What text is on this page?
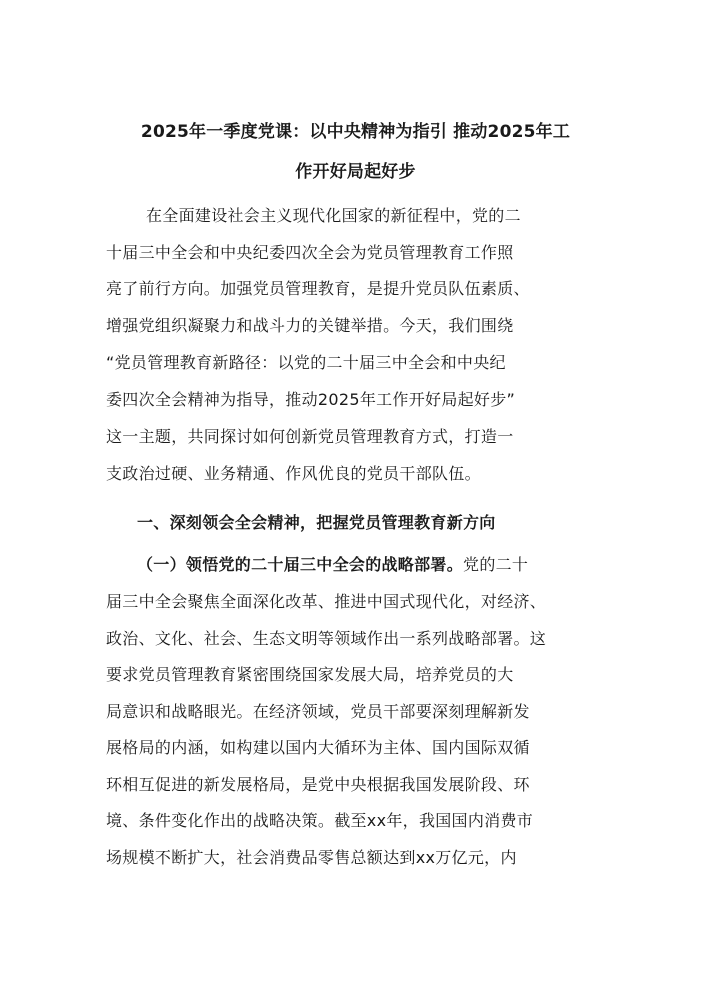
2025年一季度党课：以中央精神为指引 推动2025年工
作开好局起好步
在全面建设社会主义现代化国家的新征程中，党的二
十届三中全会和中央纪委四次全会为党员管理教育工作照
亮了前行方向。加强党员管理教育，是提升党员队伍素质、
增强党组织凝聚力和战斗力的关键举措。今天，我们围绕
“党员管理教育新路径：以党的二十届三中全会和中央纪
委四次全会精神为指导，推动2025年工作开好局起好步”
这一主题，共同探讨如何创新党员管理教育方式，打造一
支政治过硬、业务精通、作风优良的党员干部队伍。
一、深刻领会全会精神，把握党员管理教育新方向
（一）领悟党的二十届三中全会的战略部署。党的二十
届三中全会聚焦全面深化改革、推进中国式现代化，对经济、
政治、文化、社会、生态文明等领域作出一系列战略部署。这
要求党员管理教育紧密围绕国家发展大局，培养党员的大
局意识和战略眼光。在经济领域，党员干部要深刻理解新发
展格局的内涵，如构建以国内大循环为主体、国内国际双循
环相互促进的新发展格局，是党中央根据我国发展阶段、环
境、条件变化作出的战略决策。截至xx年，我国国内消费市
场规模不断扩大，社会消费品零售总额达到xx万亿元，内
